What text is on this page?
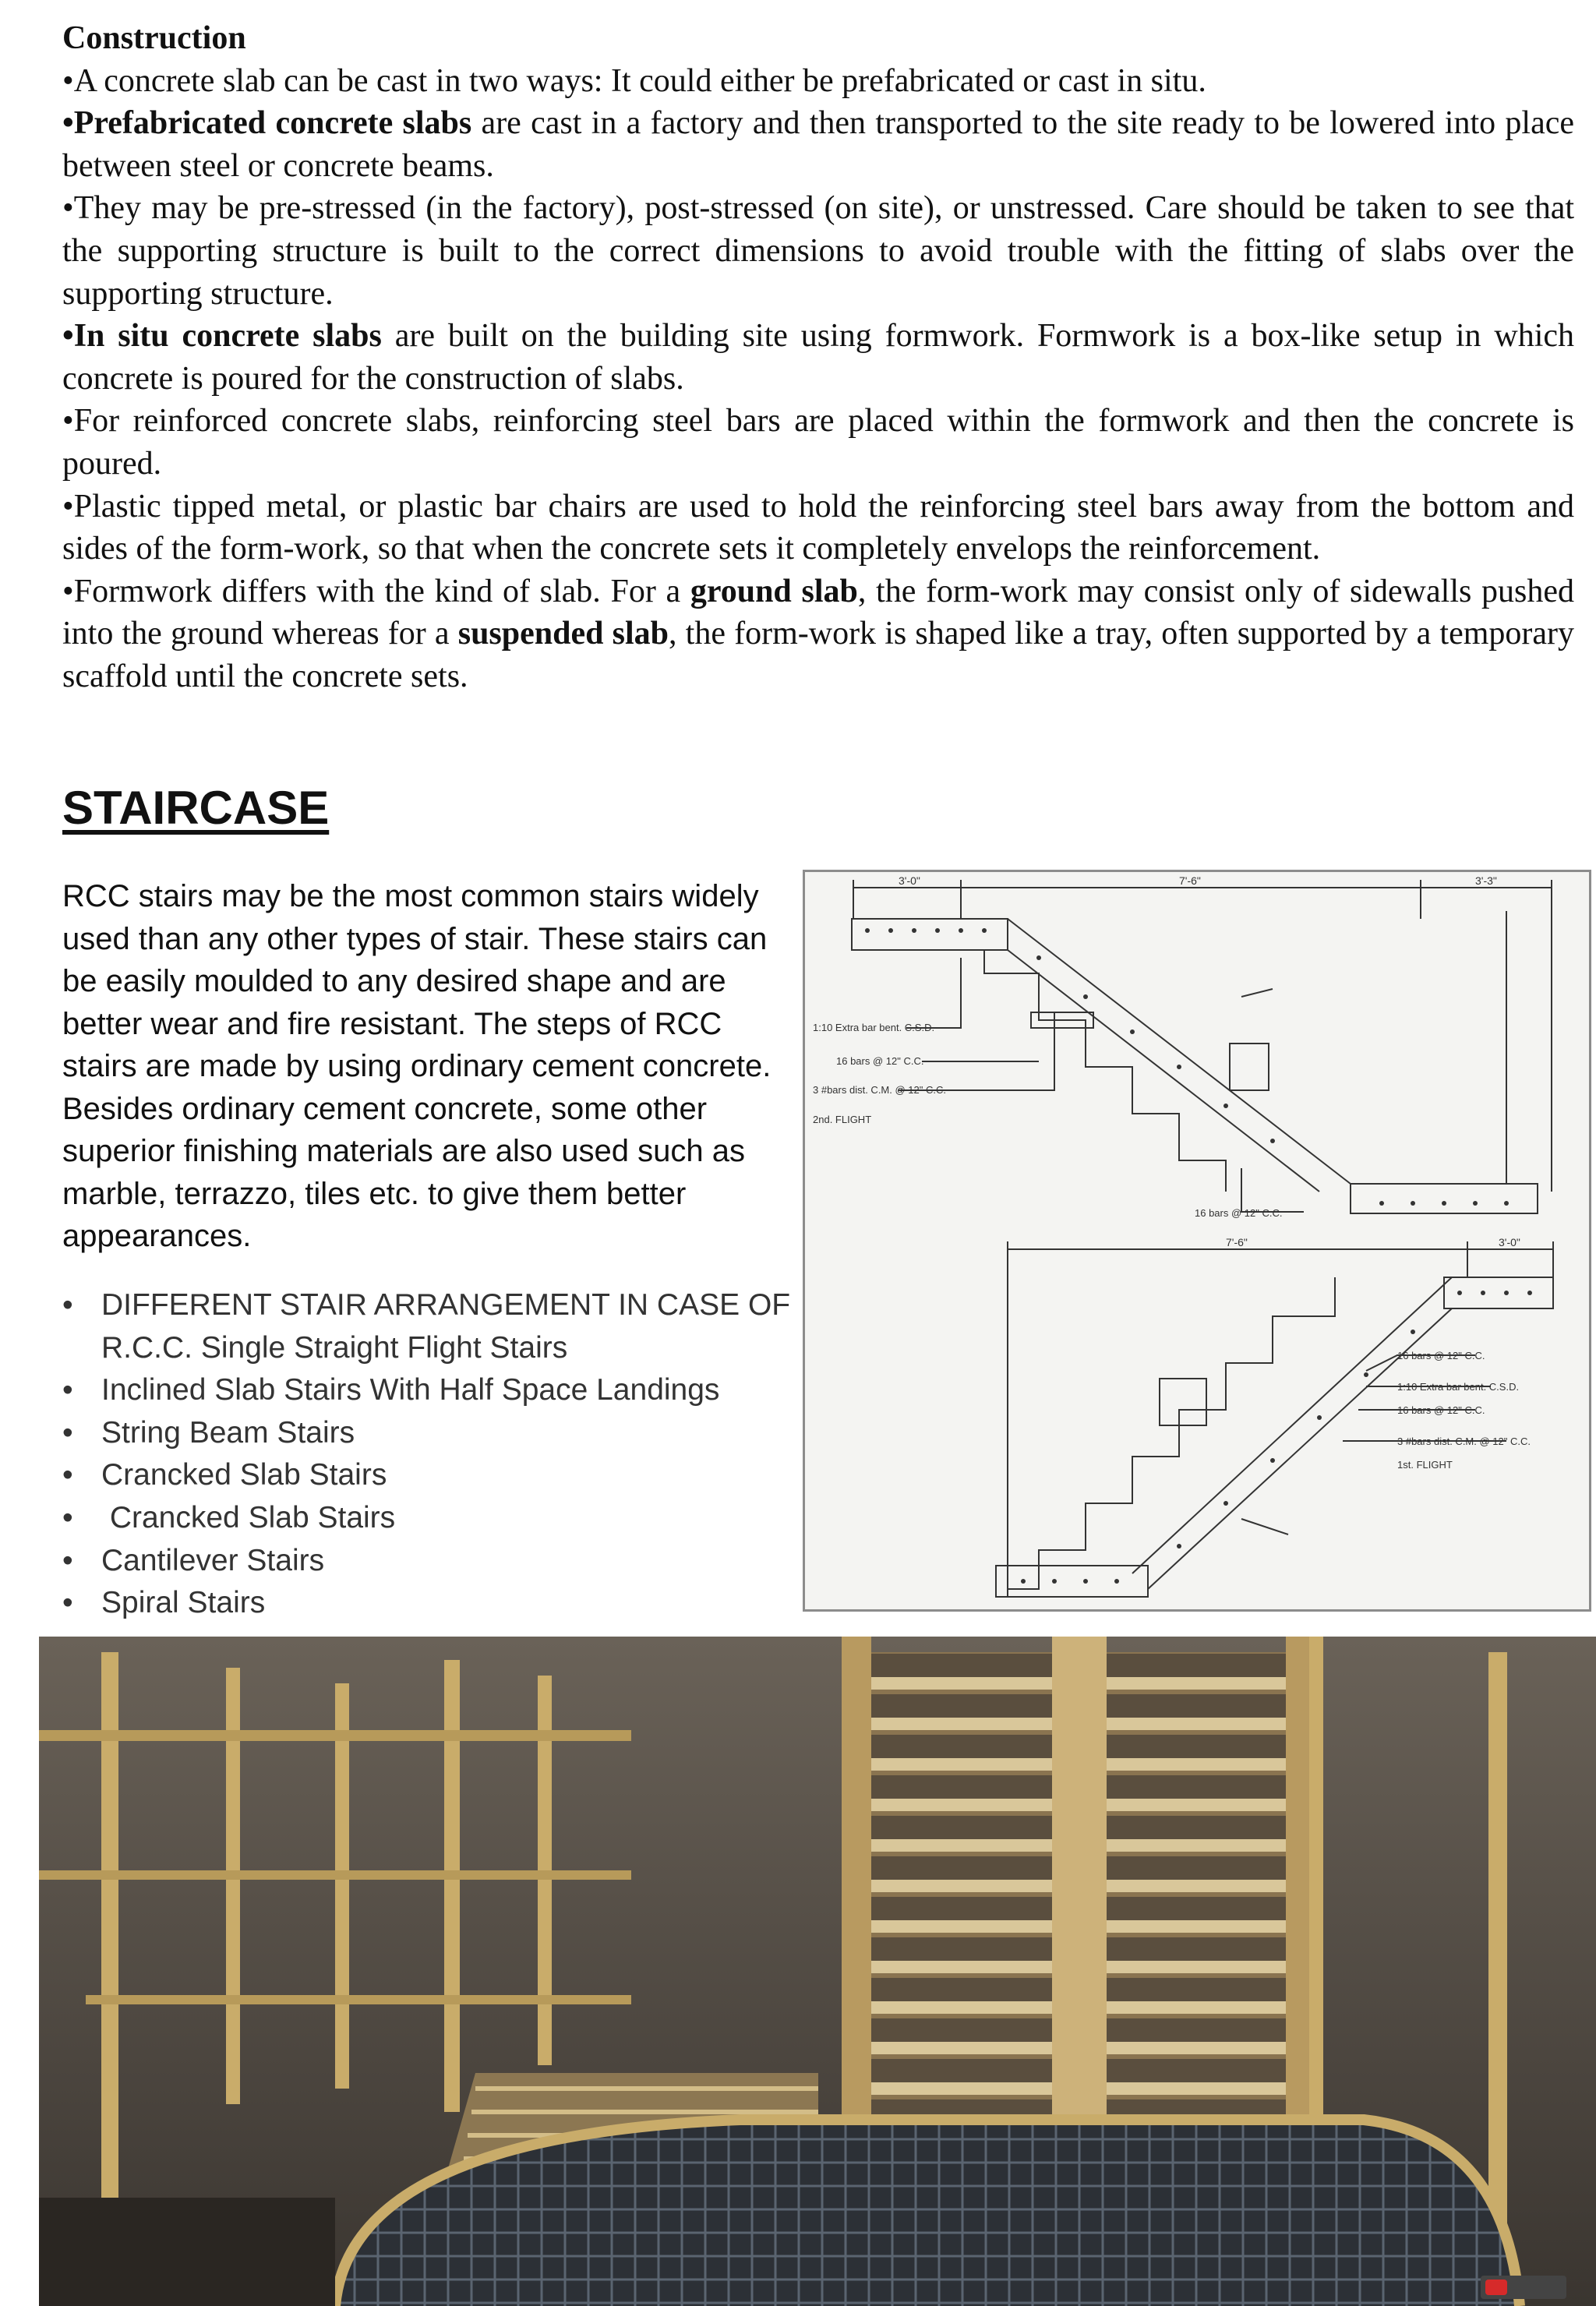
Construction

•A concrete slab can be cast in two ways: It could either be prefabricated or cast in situ.

•Prefabricated concrete slabs are cast in a factory and then transported to the site ready to be lowered into place between steel or concrete beams.

•They may be pre-stressed (in the factory), post-stressed (on site), or unstressed. Care should be taken to see that the supporting structure is built to the correct dimensions to avoid trouble with the fitting of slabs over the supporting structure.

•In situ concrete slabs are built on the building site using formwork. Formwork is a box-like setup in which concrete is poured for the construction of slabs.

•For reinforced concrete slabs, reinforcing steel bars are placed within the formwork and then the concrete is poured.

•Plastic tipped metal, or plastic bar chairs are used to hold the reinforcing steel bars away from the bottom and sides of the form-work, so that when the concrete sets it completely envelops the reinforcement.

•Formwork differs with the kind of slab. For a ground slab, the form-work may consist only of sidewalls pushed into the ground whereas for a suspended slab, the form-work is shaped like a tray, often supported by a temporary scaffold until the concrete sets.

STAIRCASE
RCC stairs may be the most common stairs widely used than any other types of stair. These stairs can be easily moulded to any desired shape and are better wear and fire resistant. The steps of RCC stairs are made by using ordinary cement concrete. Besides ordinary cement concrete, some other superior finishing materials are also used such as marble, terrazzo, tiles etc. to give them better appearances.
• DIFFERENT STAIR ARRANGEMENT IN CASE OF R.C.C. Single Straight Flight Stairs
• Inclined Slab Stairs With Half Space Landings
• String Beam Stairs
• Crancked Slab Stairs
•  Crancked Slab Stairs
• Cantilever Stairs
• Spiral Stairs
3'-0"	7'-6"	3'-3"
7'-6"	3'-0"
1:10 Extra bar bent. C.S.D.
16 bars @ 12" C.C.
3 #bars dist. C.M. @ 12" C.C.
2nd. FLIGHT
16 bars @ 12" C.C.
16 bars @ 12" C.C.
1:10 Extra bar bent. C.S.D.
16 bars @ 12" C.C.
3 #bars dist. C.M. @ 12" C.C.
1st. FLIGHT
